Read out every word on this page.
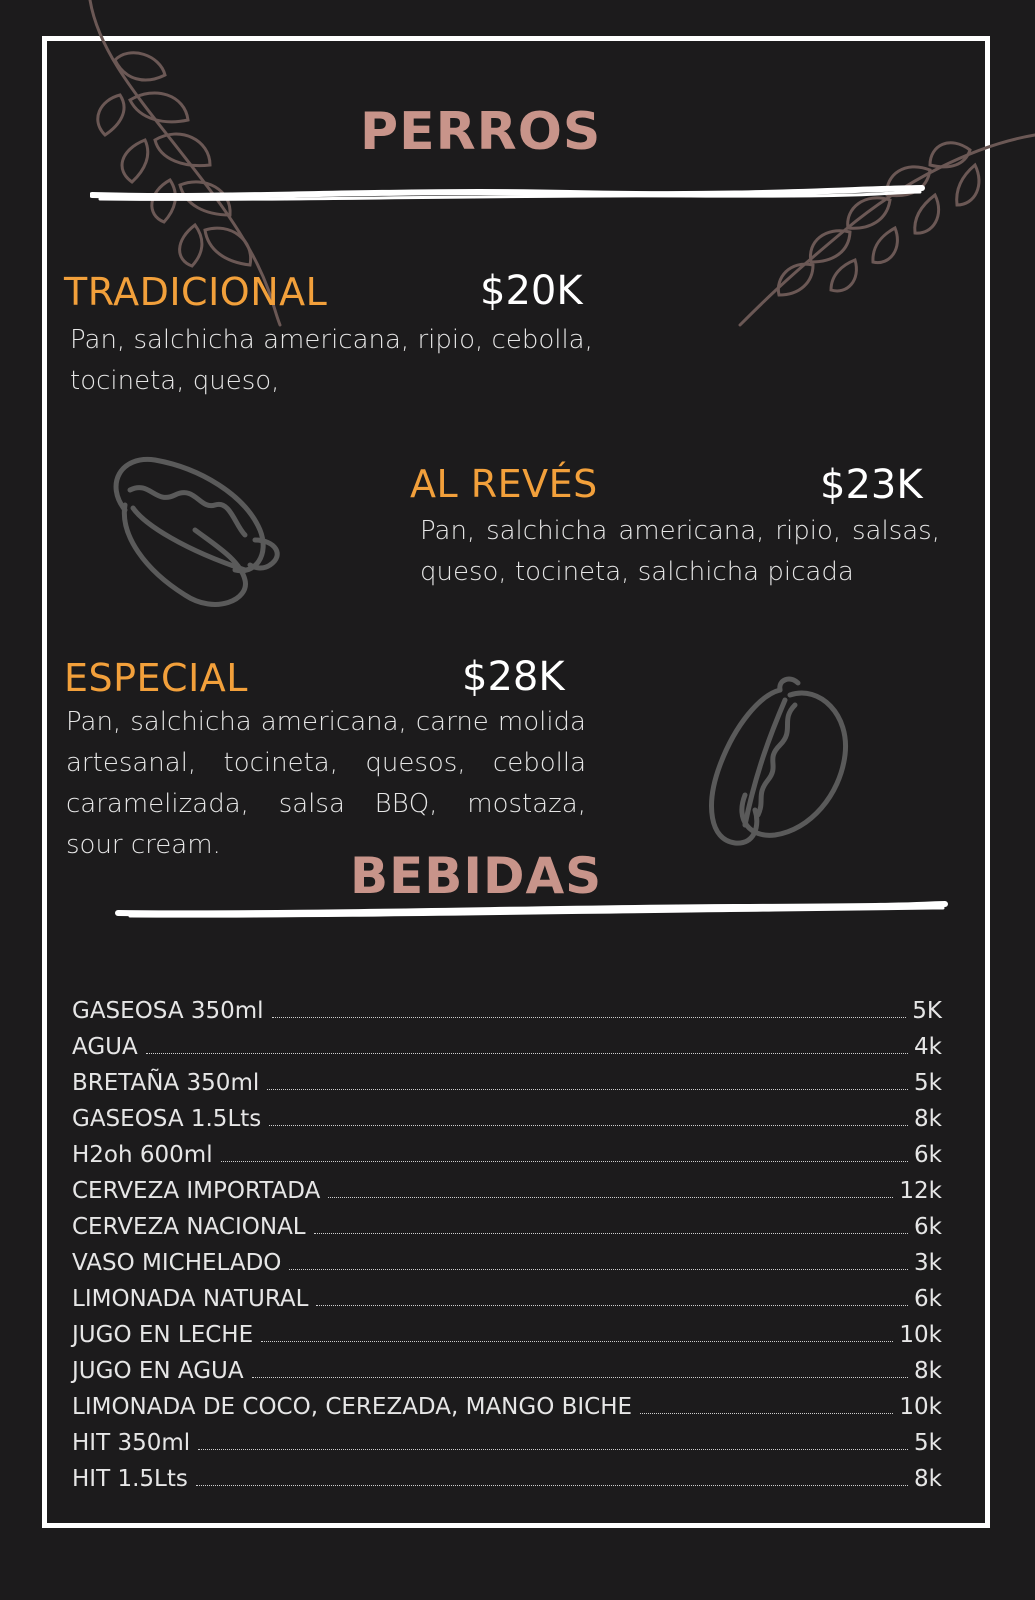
PERROS
TRADICIONAL	$20K

Pan, salchicha americana, ripio, cebolla, tocineta, queso,

AL REVÉS	$23K

Pan, salchicha americana, ripio, salsas, queso, tocineta, salchicha picada

ESPECIAL	$28K

Pan, salchicha americana, carne molida artesanal, tocineta, quesos, cebolla caramelizada, salsa BBQ, mostaza, sour cream.

BEBIDAS
GASEOSA 350ml	5K
AGUA	4k
BRETAÑA 350ml	5k
GASEOSA 1.5Lts	8k
H2oh 600ml	6k
CERVEZA IMPORTADA	12k
CERVEZA NACIONAL	6k
VASO MICHELADO	3k
LIMONADA NATURAL	6k
JUGO EN LECHE	10k
JUGO EN AGUA	8k
LIMONADA DE COCO, CEREZADA, MANGO BICHE	10k
HIT 350ml	5k
HIT 1.5Lts	8k
